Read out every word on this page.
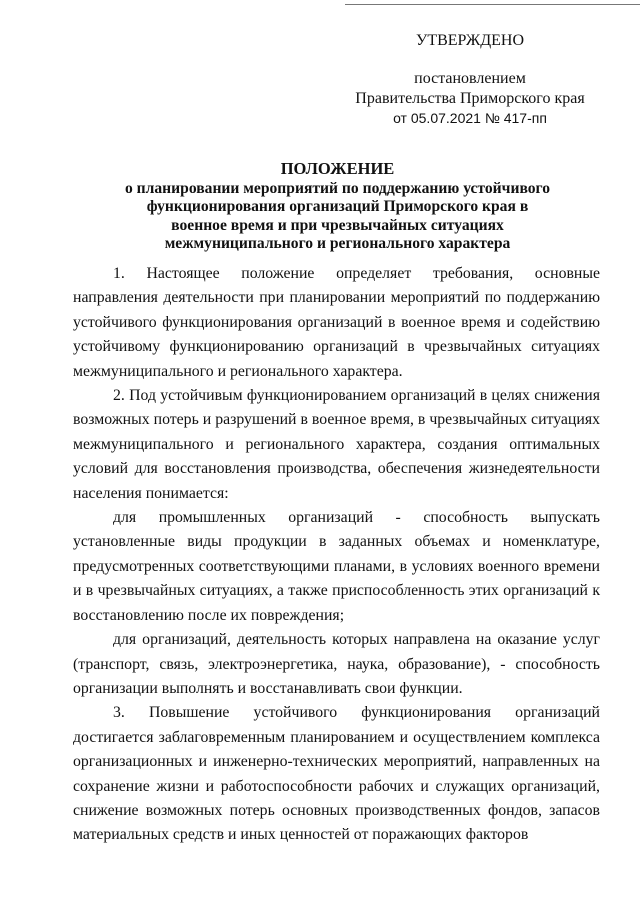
УТВЕРЖДЕНО
постановлением
Правительства Приморского края
от 05.07.2021 № 417-пп
ПОЛОЖЕНИЕ
о планировании мероприятий по поддержанию устойчивого
функционирования организаций Приморского края в
военное время и при чрезвычайных ситуациях
межмуниципального и регионального характера

1. Настоящее положение определяет требования, основные направления деятельности при планировании мероприятий по поддержанию устойчивого функционирования организаций в военное время и содействию устойчивому функционированию организаций в чрезвычайных ситуациях межмуниципального и регионального характера.

2. Под устойчивым функционированием организаций в целях снижения возможных потерь и разрушений в военное время, в чрезвычайных ситуациях межмуниципального и регионального характера, создания оптимальных условий для восстановления производства, обеспечения жизнедеятельности населения понимается:

для промышленных организаций - способность выпускать установленные виды продукции в заданных объемах и номенклатуре, предусмотренных соответствующими планами, в условиях военного времени и в чрезвычайных ситуациях, а также приспособленность этих организаций к восстановлению после их повреждения;

для организаций, деятельность которых направлена на оказание услуг (транспорт, связь, электроэнергетика, наука, образование), - способность организации выполнять и восстанавливать свои функции.

3. Повышение устойчивого функционирования организаций достигается заблаговременным планированием и осуществлением комплекса организационных и инженерно-технических мероприятий, направленных на сохранение жизни и работоспособности рабочих и служащих организаций, снижение возможных потерь основных производственных фондов, запасов материальных средств и иных ценностей от поражающих факторов
